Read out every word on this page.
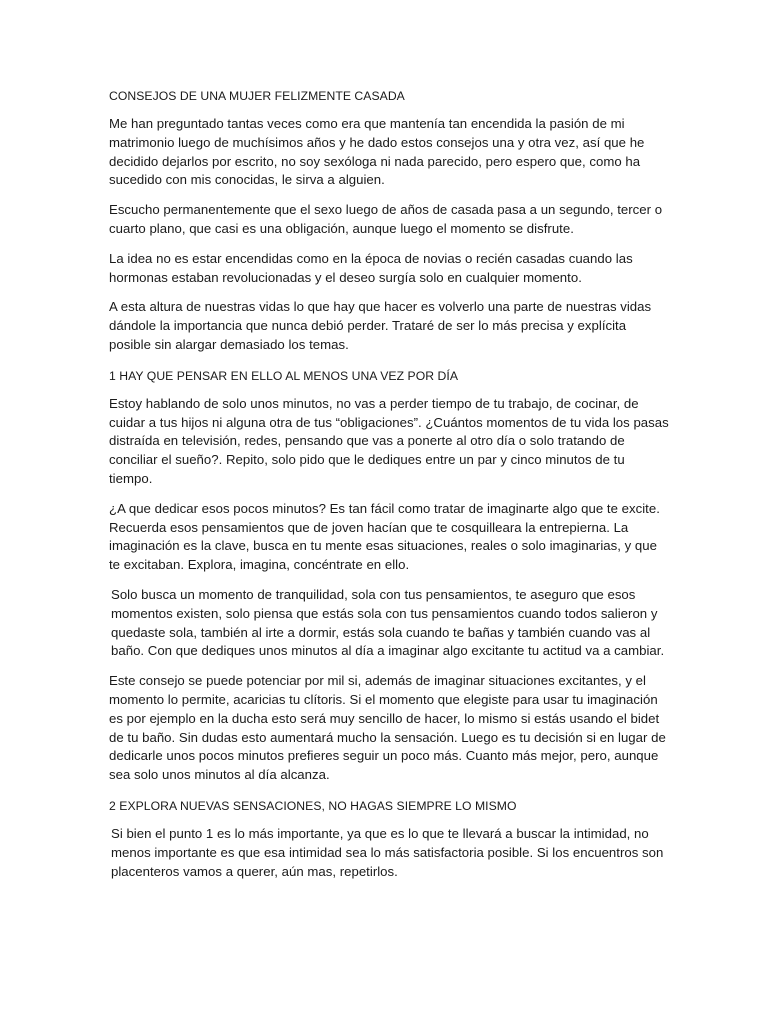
CONSEJOS DE UNA MUJER FELIZMENTE CASADA

Me han preguntado tantas veces como era que mantenía tan encendida la pasión de mi matrimonio luego de muchísimos años y he dado estos consejos una y otra vez, así que he decidido dejarlos por escrito, no soy sexóloga ni nada parecido, pero espero que, como ha sucedido con mis conocidas, le sirva a alguien.

Escucho permanentemente que el sexo luego de años de casada pasa a un segundo, tercer o cuarto plano, que casi es una obligación, aunque luego el momento se disfrute.

La idea no es estar encendidas como en la época de novias o recién casadas cuando las hormonas estaban revolucionadas y el deseo surgía solo en cualquier momento.

A esta altura de nuestras vidas lo que hay que hacer es volverlo una parte de nuestras vidas dándole la importancia que nunca debió perder. Trataré de ser lo más precisa y explícita posible sin alargar demasiado los temas.

1 HAY QUE PENSAR EN ELLO AL MENOS UNA VEZ POR DÍA

Estoy hablando de solo unos minutos, no vas a perder tiempo de tu trabajo, de cocinar, de cuidar a tus hijos ni alguna otra de tus “obligaciones”. ¿Cuántos momentos de tu vida los pasas distraída en televisión, redes, pensando que vas a ponerte al otro día o solo tratando de conciliar el sueño?. Repito, solo pido que le dediques entre un par y cinco minutos de tu tiempo.

¿A que dedicar esos pocos minutos? Es tan fácil como tratar de imaginarte algo que te excite. Recuerda esos pensamientos que de joven hacían que te cosquilleara la entrepierna. La imaginación es la clave, busca en tu mente esas situaciones, reales o solo imaginarias, y que te excitaban. Explora, imagina, concéntrate en ello.

Solo busca un momento de tranquilidad, sola con tus pensamientos, te aseguro que esos momentos existen, solo piensa que estás sola con tus pensamientos cuando todos salieron y quedaste sola, también al irte a dormir, estás sola cuando te bañas y también cuando vas al baño. Con que dediques unos minutos al día a imaginar algo excitante tu actitud va a cambiar.

Este consejo se puede potenciar por mil si, además de imaginar situaciones excitantes, y el momento lo permite, acaricias tu clítoris. Si el momento que elegiste para usar tu imaginación es por ejemplo en la ducha esto será muy sencillo de hacer, lo mismo si estás usando el bidet de tu baño. Sin dudas esto aumentará mucho la sensación. Luego es tu decisión si en lugar de dedicarle unos pocos minutos prefieres seguir un poco más. Cuanto más mejor, pero, aunque sea solo unos minutos al día alcanza.

2 EXPLORA NUEVAS SENSACIONES, NO HAGAS SIEMPRE LO MISMO

Si bien el punto 1 es lo más importante, ya que es lo que te llevará a buscar la intimidad, no menos importante es que esa intimidad sea lo más satisfactoria posible. Si los encuentros son placenteros vamos a querer, aún mas, repetirlos.
